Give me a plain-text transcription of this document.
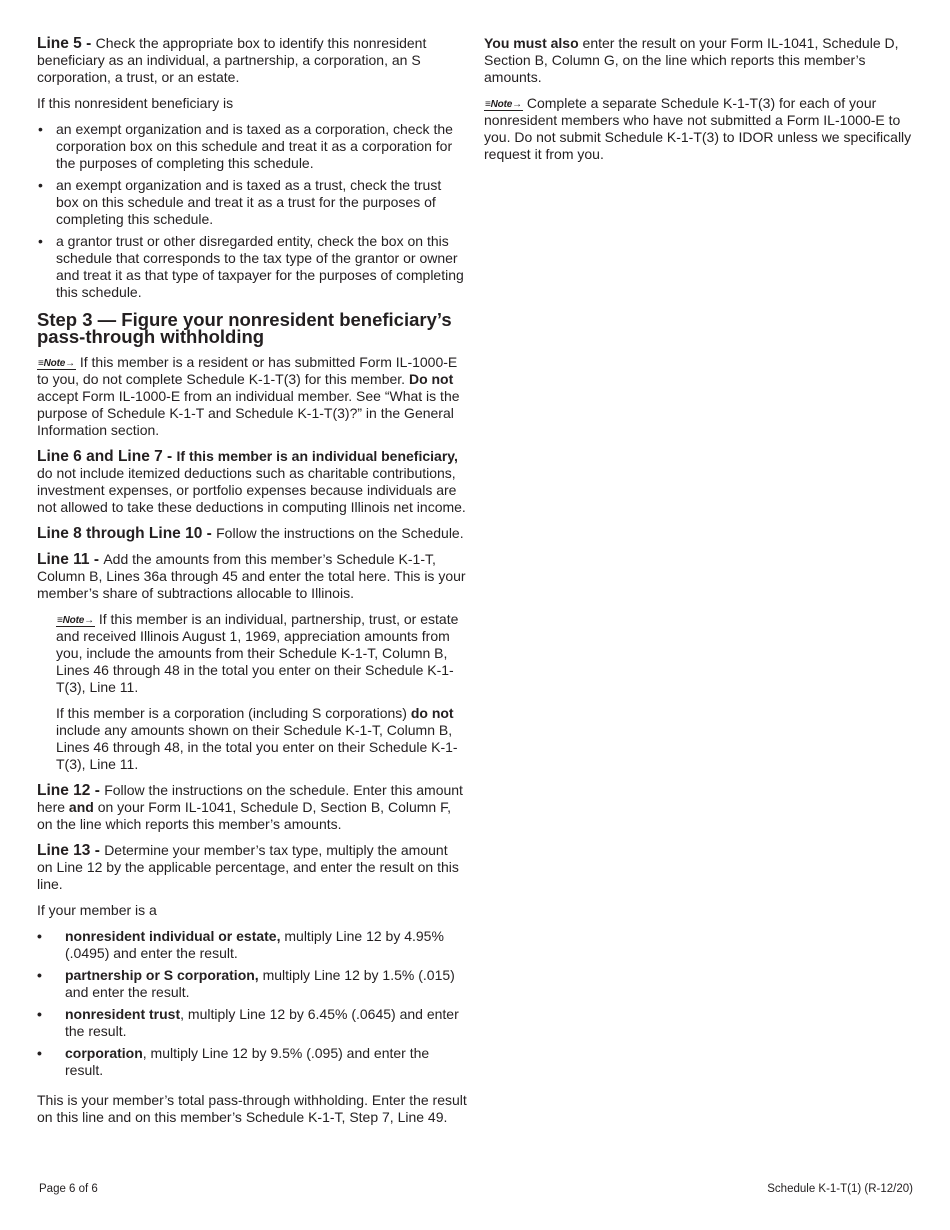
Line 5 - Check the appropriate box to identify this nonresident beneficiary as an individual, a partnership, a corporation, an S corporation, a trust, or an estate.

If this nonresident beneficiary is

• an exempt organization and is taxed as a corporation, check the corporation box on this schedule and treat it as a corporation for the purposes of completing this schedule.
• an exempt organization and is taxed as a trust, check the trust box on this schedule and treat it as a trust for the purposes of completing this schedule.
• a grantor trust or other disregarded entity, check the box on this schedule that corresponds to the tax type of the grantor or owner and treat it as that type of taxpayer for the purposes of completing this schedule.
Step 3 — Figure your nonresident beneficiary’s pass-through withholding

≡Note→ If this member is a resident or has submitted Form IL-1000-E to you, do not complete Schedule K-1-T(3) for this member. Do not accept Form IL-1000-E from an individual member. See “What is the purpose of Schedule K-1-T and Schedule K-1-T(3)?” in the General Information section.

Line 6 and Line 7 - If this member is an individual beneficiary, do not include itemized deductions such as charitable contributions, investment expenses, or portfolio expenses because individuals are not allowed to take these deductions in computing Illinois net income.

Line 8 through Line 10 - Follow the instructions on the Schedule.

Line 11 - Add the amounts from this member’s Schedule K-1-T, Column B, Lines 36a through 45 and enter the total here. This is your member’s share of subtractions allocable to Illinois.

≡Note→ If this member is an individual, partnership, trust, or estate and received Illinois August 1, 1969, appreciation amounts from you, include the amounts from their Schedule K-1-T, Column B, Lines 46 through 48 in the total you enter on their Schedule K-1-T(3), Line 11.

If this member is a corporation (including S corporations) do not include any amounts shown on their Schedule K-1-T, Column B, Lines 46 through 48, in the total you enter on their Schedule K-1-T(3), Line 11.

Line 12 - Follow the instructions on the schedule. Enter this amount here and on your Form IL-1041, Schedule D, Section B, Column F, on the line which reports this member’s amounts.

Line 13 - Determine your member’s tax type, multiply the amount on Line 12 by the applicable percentage, and enter the result on this line.

If your member is a

• nonresident individual or estate, multiply Line 12 by 4.95% (.0495) and enter the result.
• partnership or S corporation, multiply Line 12 by 1.5% (.015) and enter the result.
• nonresident trust, multiply Line 12 by 6.45% (.0645) and enter the result.
• corporation, multiply Line 12 by 9.5% (.095) and enter the result.

This is your member’s total pass-through withholding. Enter the result on this line and on this member’s Schedule K-1-T, Step 7, Line 49.

You must also enter the result on your Form IL-1041, Schedule D, Section B, Column G, on the line which reports this member’s amounts.

≡Note→ Complete a separate Schedule K-1-T(3) for each of your nonresident members who have not submitted a Form IL-1000-E to you. Do not submit Schedule K-1-T(3) to IDOR unless we specifically request it from you.

Page 6 of 6	Schedule K-1-T(1) (R-12/20)
